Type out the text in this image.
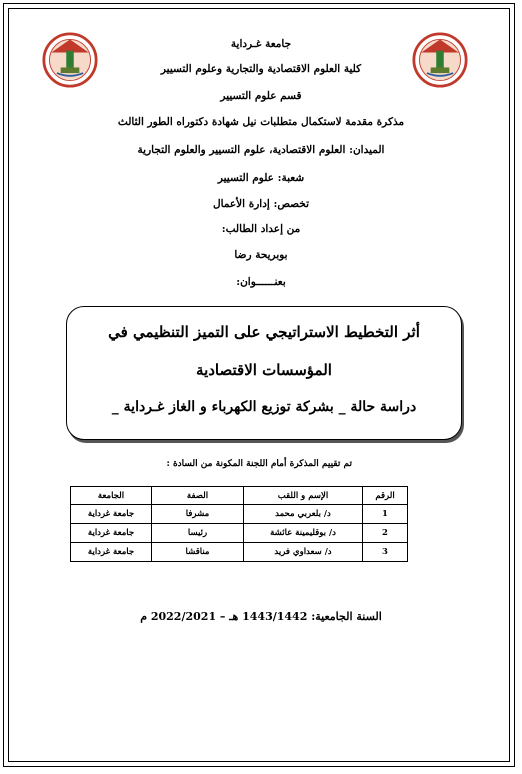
جامعة غـرداية
كلية العلوم الاقتصادية والتجارية وعلوم التسيير
قسم علوم التسيير
مذكرة مقدمة لاستكمال متطلبات نيل شهادة دكتوراه الطور الثالث
الميدان: العلوم الاقتصادية، علوم التسيير والعلوم التجارية
شعبة: علوم التسيير
تخصص: إدارة الأعمال
من إعداد الطالب:
بوبريحة رضا
بعنــــــوان:
أثر التخطيط الاستراتيجي على التميز التنظيمي في
المؤسسات الاقتصادية
دراسة حالة _ بشركة توزيع الكهرباء و الغاز غـرداية _
تم تقييم المذكرة أمام اللجنة المكونة من السادة :
الرقم	الإسم و اللقب	الصفة	الجامعة
1	د/ بلعربي محمد	مشرفا	جامعة غرداية
2	د/ بوقليمينة عائشة	رئيسا	جامعة غرداية
3	د/ سعداوي فريد	مناقشا	جامعة غرداية
السنة الجامعية: 1443/1442 هـ – 2022/2021 م
